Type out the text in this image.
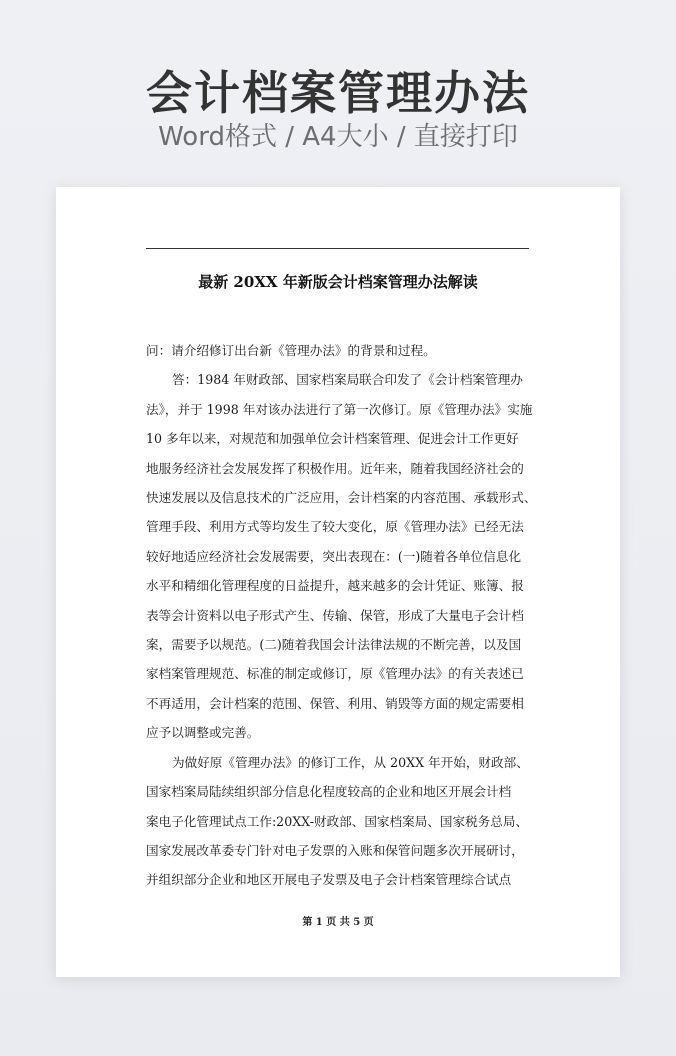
会计档案管理办法
Word格式 / A4大小 / 直接打印
最新 20XX 年新版会计档案管理办法解读

问：请介绍修订出台新《管理办法》的背景和过程。

答：1984 年财政部、国家档案局联合印发了《会计档案管理办

法》，并于 1998 年对该办法进行了第一次修订。原《管理办法》实施

10 多年以来，对规范和加强单位会计档案管理、促进会计工作更好

地服务经济社会发展发挥了积极作用。近年来，随着我国经济社会的

快速发展以及信息技术的广泛应用，会计档案的内容范围、承载形式、

管理手段、利用方式等均发生了较大变化，原《管理办法》已经无法

较好地适应经济社会发展需要，突出表现在：(一)随着各单位信息化

水平和精细化管理程度的日益提升，越来越多的会计凭证、账簿、报

表等会计资料以电子形式产生、传输、保管，形成了大量电子会计档

案，需要予以规范。(二)随着我国会计法律法规的不断完善，以及国

家档案管理规范、标准的制定或修订，原《管理办法》的有关表述已

不再适用，会计档案的范围、保管、利用、销毁等方面的规定需要相

应予以调整或完善。

为做好原《管理办法》的修订工作，从 20XX 年开始，财政部、

国家档案局陆续组织部分信息化程度较高的企业和地区开展会计档

案电子化管理试点工作:20XX-财政部、国家档案局、国家税务总局、

国家发展改革委专门针对电子发票的入账和保管问题多次开展研讨，

并组织部分企业和地区开展电子发票及电子会计档案管理综合试点

第 1 页 共 5 页
